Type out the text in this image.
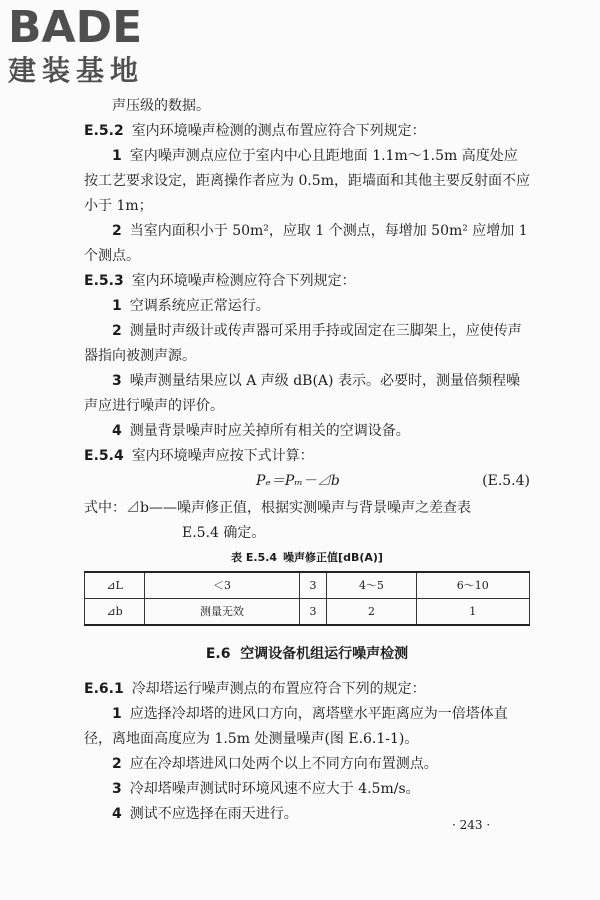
BADE
建装基地

声压级的数据。

E.5.2 室内环境噪声检测的测点布置应符合下列规定：

1 室内噪声测点应位于室内中心且距地面 1.1m～1.5m 高度处应按工艺要求设定，距离操作者应为 0.5m，距墙面和其他主要反射面不应小于 1m；

2 当室内面积小于 50m²，应取 1 个测点，每增加 50m² 应增加 1 个测点。

E.5.3 室内环境噪声检测应符合下列规定：

1 空调系统应正常运行。

2 测量时声级计或传声器可采用手持或固定在三脚架上，应使传声器指向被测声源。

3 噪声测量结果应以 A 声级 dB(A) 表示。必要时，测量倍频程噪声应进行噪声的评价。

4 测量背景噪声时应关掉所有相关的空调设备。

E.5.4 室内环境噪声应按下式计算：

Pₑ＝Pₘ－⊿b	(E.5.4)

式中：⊿b——噪声修正值，根据实测噪声与背景噪声之差查表

E.5.4 确定。

表 E.5.4 噪声修正值[dB(A)]
⊿L	＜3	3	4～5	6～10
⊿b	测量无效	3	2	1
E.6 空调设备机组运行噪声检测

E.6.1 冷却塔运行噪声测点的布置应符合下列的规定：

1 应选择冷却塔的进风口方向，离塔壁水平距离应为一倍塔体直径，离地面高度应为 1.5m 处测量噪声(图 E.6.1-1)。

2 应在冷却塔进风口处两个以上不同方向布置测点。

3 冷却塔噪声测试时环境风速不应大于 4.5m/s。

4 测试不应选择在雨天进行。

· 243 ·
